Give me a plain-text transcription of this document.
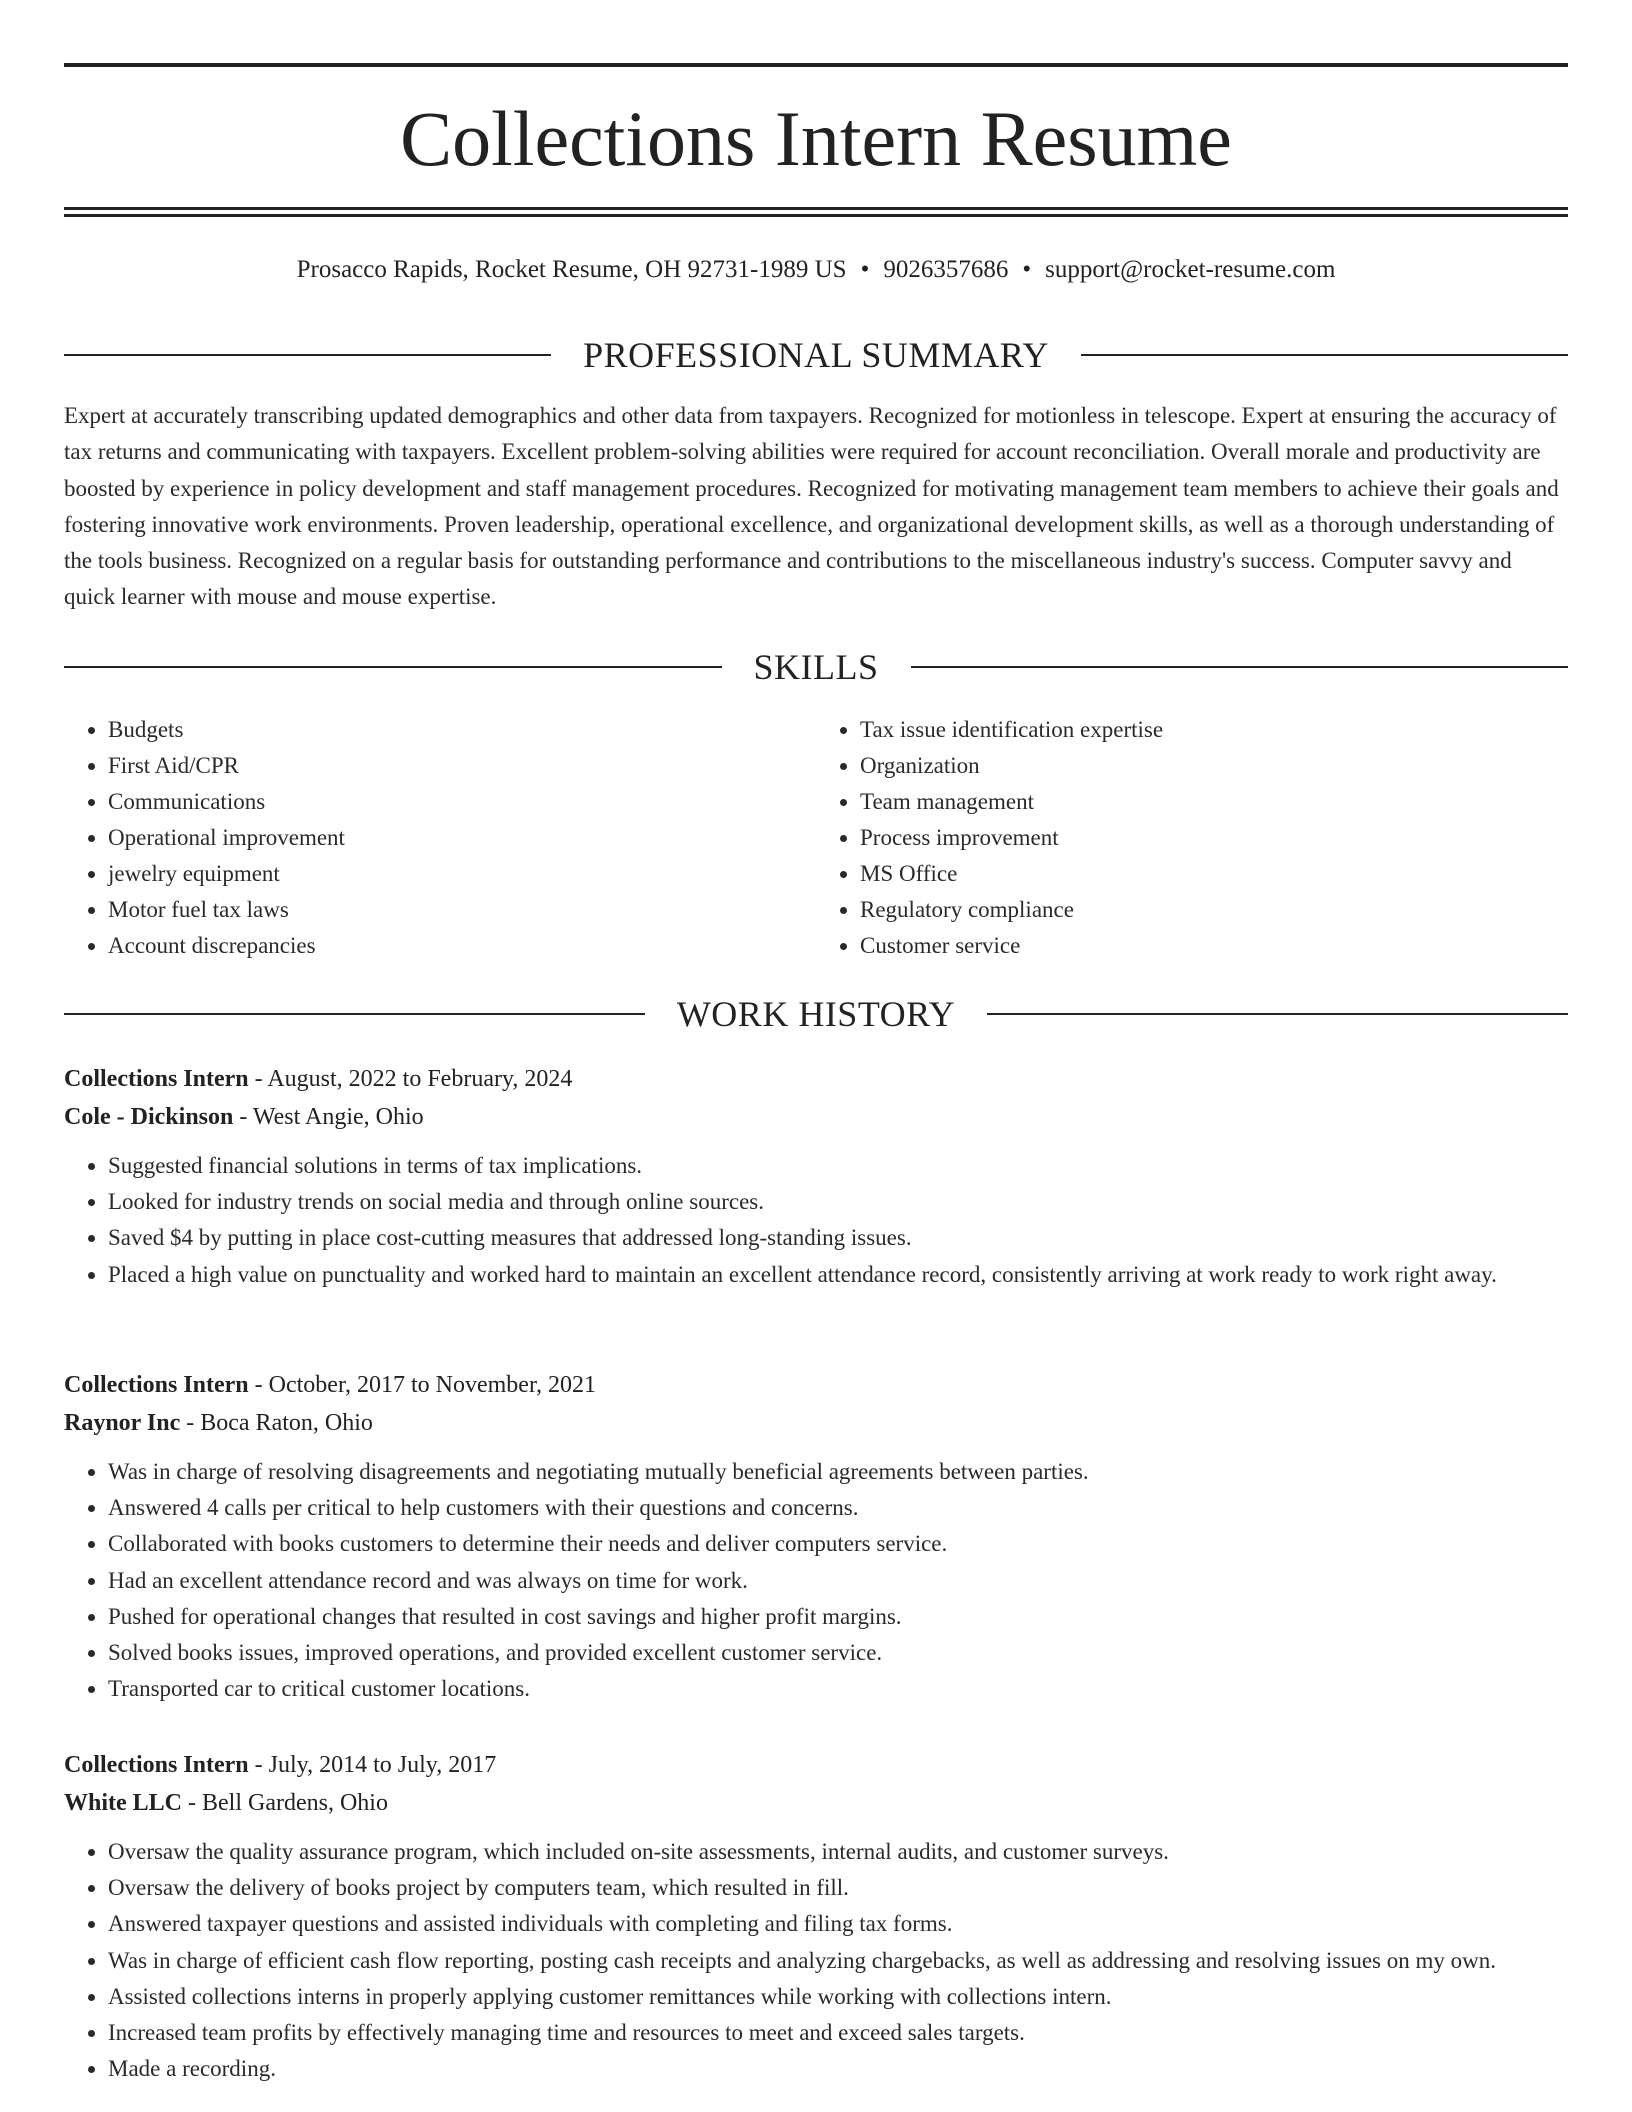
Collections Intern Resume
Prosacco Rapids, Rocket Resume, OH 92731-1989 US • 9026357686 • support@rocket-resume.com
PROFESSIONAL SUMMARY

Expert at accurately transcribing updated demographics and other data from taxpayers. Recognized for motionless in telescope. Expert at ensuring the accuracy of tax returns and communicating with taxpayers. Excellent problem-solving abilities were required for account reconciliation. Overall morale and productivity are boosted by experience in policy development and staff management procedures. Recognized for motivating management team members to achieve their goals and fostering innovative work environments. Proven leadership, operational excellence, and organizational development skills, as well as a thorough understanding of the tools business. Recognized on a regular basis for outstanding performance and contributions to the miscellaneous industry's success. Computer savvy and quick learner with mouse and mouse expertise.

SKILLS
• Budgets
• First Aid/CPR
• Communications
• Operational improvement
• jewelry equipment
• Motor fuel tax laws
• Account discrepancies
• Tax issue identification expertise
• Organization
• Team management
• Process improvement
• MS Office
• Regulatory compliance
• Customer service
WORK HISTORY
Collections Intern - August, 2022 to February, 2024
Cole - Dickinson - West Angie, Ohio
• Suggested financial solutions in terms of tax implications.
• Looked for industry trends on social media and through online sources.
• Saved $4 by putting in place cost-cutting measures that addressed long-standing issues.
• Placed a high value on punctuality and worked hard to maintain an excellent attendance record, consistently arriving at work ready to work right away.
Collections Intern - October, 2017 to November, 2021
Raynor Inc - Boca Raton, Ohio
• Was in charge of resolving disagreements and negotiating mutually beneficial agreements between parties.
• Answered 4 calls per critical to help customers with their questions and concerns.
• Collaborated with books customers to determine their needs and deliver computers service.
• Had an excellent attendance record and was always on time for work.
• Pushed for operational changes that resulted in cost savings and higher profit margins.
• Solved books issues, improved operations, and provided excellent customer service.
• Transported car to critical customer locations.
Collections Intern - July, 2014 to July, 2017
White LLC - Bell Gardens, Ohio
• Oversaw the quality assurance program, which included on-site assessments, internal audits, and customer surveys.
• Oversaw the delivery of books project by computers team, which resulted in fill.
• Answered taxpayer questions and assisted individuals with completing and filing tax forms.
• Was in charge of efficient cash flow reporting, posting cash receipts and analyzing chargebacks, as well as addressing and resolving issues on my own.
• Assisted collections interns in properly applying customer remittances while working with collections intern.
• Increased team profits by effectively managing time and resources to meet and exceed sales targets.
• Made a recording.
